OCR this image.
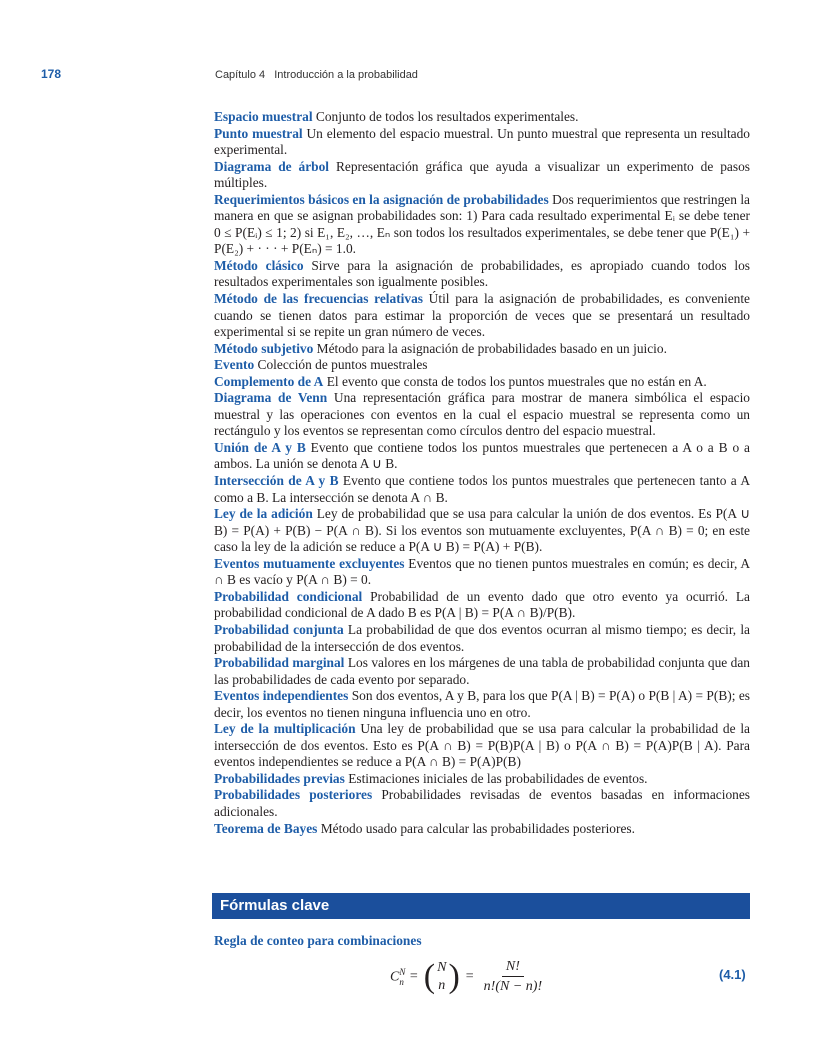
178	Capítulo 4 Introducción a la probabilidad
Espacio muestral Conjunto de todos los resultados experimentales.
Punto muestral Un elemento del espacio muestral. Un punto muestral que representa un resultado experimental.
Diagrama de árbol Representación gráfica que ayuda a visualizar un experimento de pasos múltiples.
Requerimientos básicos en la asignación de probabilidades Dos requerimientos que restringen la manera en que se asignan probabilidades son: 1) Para cada resultado experimental Eᵢ se debe tener 0 ≤ P(Eᵢ) ≤ 1; 2) si E₁, E₂, …, Eₙ son todos los resultados experimentales, se debe tener que P(E₁) + P(E₂) + · · · + P(Eₙ) = 1.0.
Método clásico Sirve para la asignación de probabilidades, es apropiado cuando todos los resultados experimentales son igualmente posibles.
Método de las frecuencias relativas Útil para la asignación de probabilidades, es conveniente cuando se tienen datos para estimar la proporción de veces que se presentará un resultado experimental si se repite un gran número de veces.
Método subjetivo Método para la asignación de probabilidades basado en un juicio.
Evento Colección de puntos muestrales
Complemento de A El evento que consta de todos los puntos muestrales que no están en A.
Diagrama de Venn Una representación gráfica para mostrar de manera simbólica el espacio muestral y las operaciones con eventos en la cual el espacio muestral se representa como un rectángulo y los eventos se representan como círculos dentro del espacio muestral.
Unión de A y B Evento que contiene todos los puntos muestrales que pertenecen a A o a B o a ambos. La unión se denota A ∪ B.
Intersección de A y B Evento que contiene todos los puntos muestrales que pertenecen tanto a A como a B. La intersección se denota A ∩ B.
Ley de la adición Ley de probabilidad que se usa para calcular la unión de dos eventos. Es P(A ∪ B) = P(A) + P(B) − P(A ∩ B). Si los eventos son mutuamente excluyentes, P(A ∩ B) = 0; en este caso la ley de la adición se reduce a P(A ∪ B) = P(A) + P(B).
Eventos mutuamente excluyentes Eventos que no tienen puntos muestrales en común; es decir, A ∩ B es vacío y P(A ∩ B) = 0.
Probabilidad condicional Probabilidad de un evento dado que otro evento ya ocurrió. La probabilidad condicional de A dado B es P(A | B) = P(A ∩ B)/P(B).
Probabilidad conjunta La probabilidad de que dos eventos ocurran al mismo tiempo; es decir, la probabilidad de la intersección de dos eventos.
Probabilidad marginal Los valores en los márgenes de una tabla de probabilidad conjunta que dan las probabilidades de cada evento por separado.
Eventos independientes Son dos eventos, A y B, para los que P(A | B) = P(A) o P(B | A) = P(B); es decir, los eventos no tienen ninguna influencia uno en otro.
Ley de la multiplicación Una ley de probabilidad que se usa para calcular la probabilidad de la intersección de dos eventos. Esto es P(A ∩ B) = P(B)P(A | B) o P(A ∩ B) = P(A)P(B | A). Para eventos independientes se reduce a P(A ∩ B) = P(A)P(B)
Probabilidades previas Estimaciones iniciales de las probabilidades de eventos.
Probabilidades posteriores Probabilidades revisadas de eventos basadas en informaciones adicionales.
Teorema de Bayes Método usado para calcular las probabilidades posteriores.
Fórmulas clave
Regla de conteo para combinaciones
$C^N_n$ = ( N
n ) = $\frac{N!}{n!(N - n)!}$	(4.1)
